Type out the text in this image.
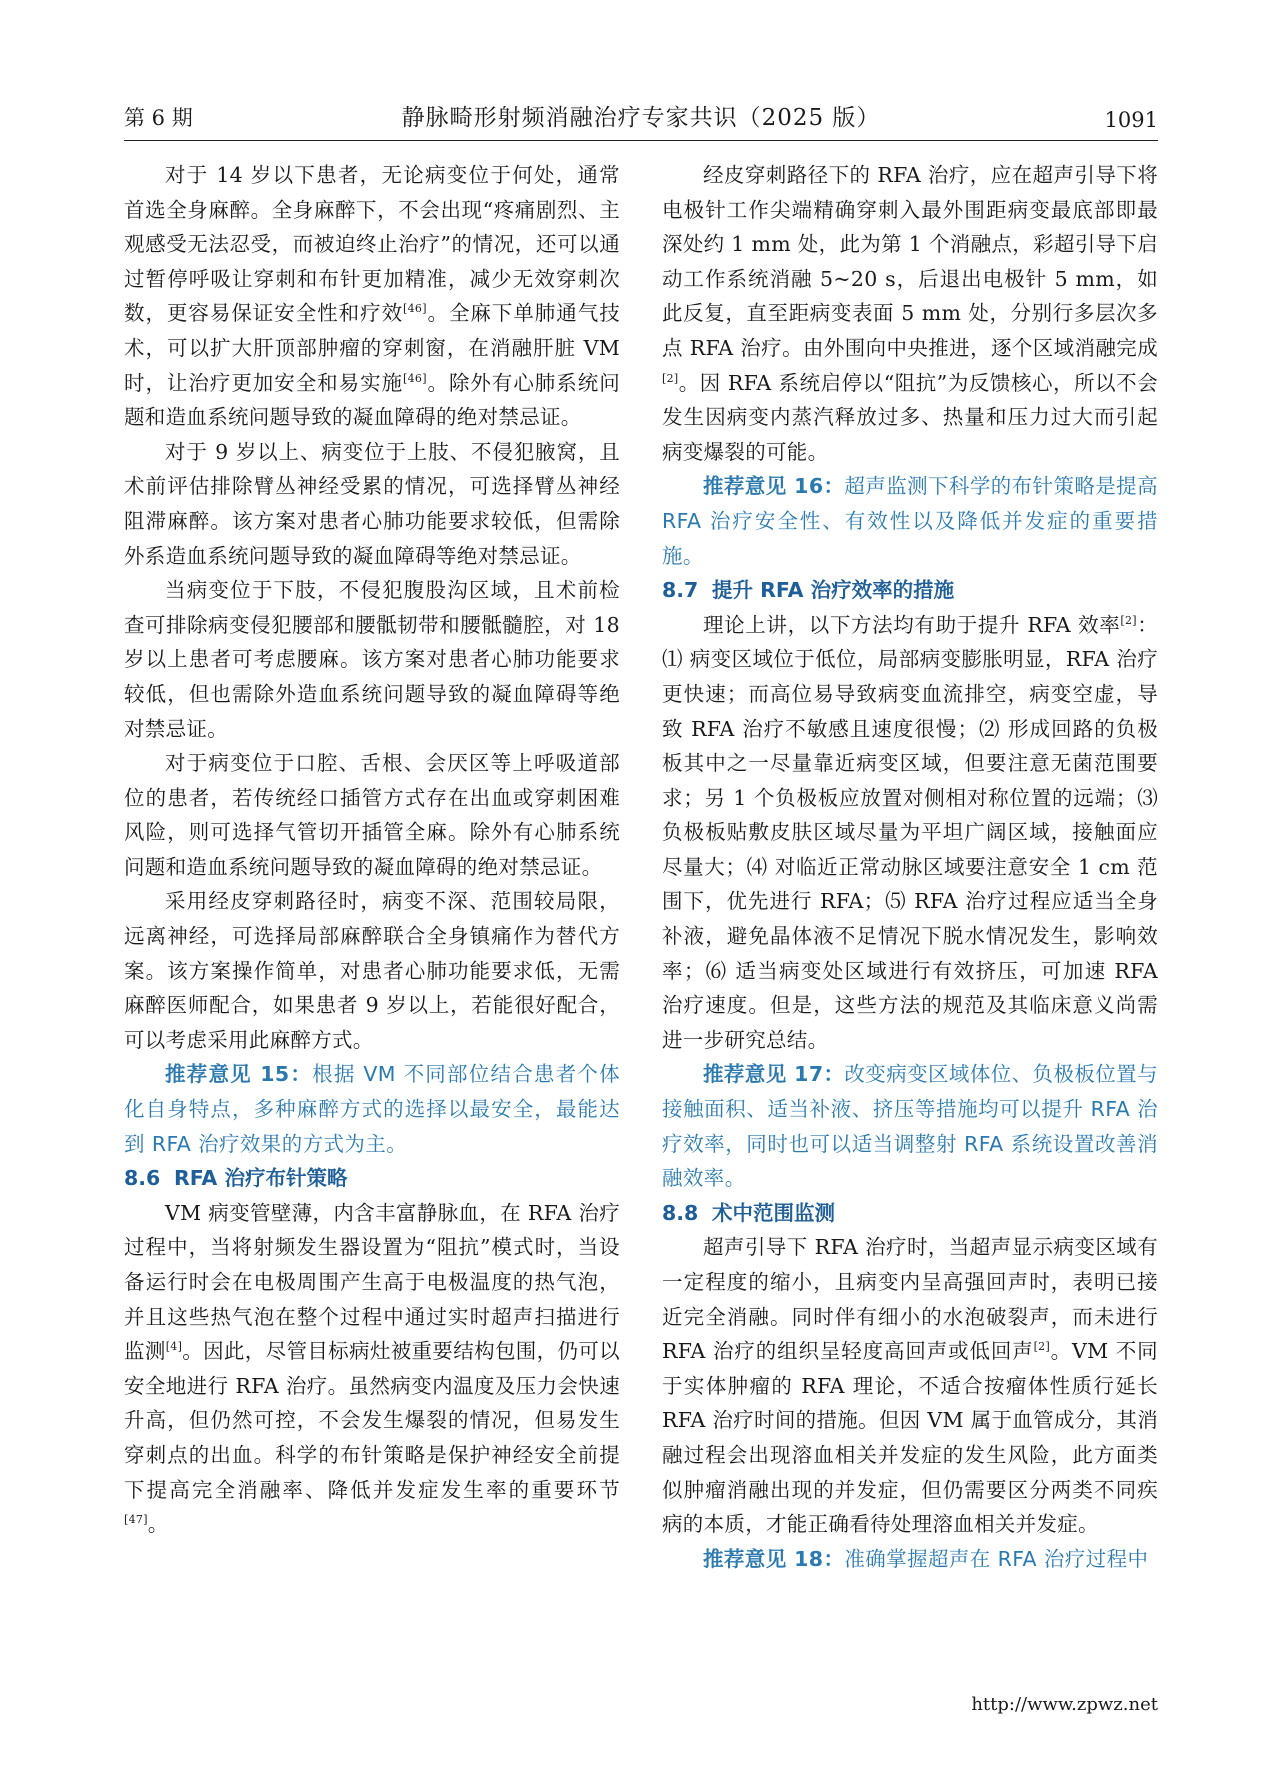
第 6 期	静脉畸形射频消融治疗专家共识（2025 版）	1091

对于 14 岁以下患者，无论病变位于何处，通常首选全身麻醉。全身麻醉下，不会出现“疼痛剧烈、主观感受无法忍受，而被迫终止治疗”的情况，还可以通过暂停呼吸让穿刺和布针更加精准，减少无效穿刺次数，更容易保证安全性和疗效[46]。全麻下单肺通气技术，可以扩大肝顶部肿瘤的穿刺窗，在消融肝脏 VM 时，让治疗更加安全和易实施[46]。除外有心肺系统问题和造血系统问题导致的凝血障碍的绝对禁忌证。

对于 9 岁以上、病变位于上肢、不侵犯腋窝，且术前评估排除臂丛神经受累的情况，可选择臂丛神经阻滞麻醉。该方案对患者心肺功能要求较低，但需除外系造血系统问题导致的凝血障碍等绝对禁忌证。

当病变位于下肢，不侵犯腹股沟区域，且术前检查可排除病变侵犯腰部和腰骶韧带和腰骶髓腔，对 18 岁以上患者可考虑腰麻。该方案对患者心肺功能要求较低，但也需除外造血系统问题导致的凝血障碍等绝对禁忌证。

对于病变位于口腔、舌根、会厌区等上呼吸道部位的患者，若传统经口插管方式存在出血或穿刺困难风险，则可选择气管切开插管全麻。除外有心肺系统问题和造血系统问题导致的凝血障碍的绝对禁忌证。

采用经皮穿刺路径时，病变不深、范围较局限，远离神经，可选择局部麻醉联合全身镇痛作为替代方案。该方案操作简单，对患者心肺功能要求低，无需麻醉医师配合，如果患者 9 岁以上，若能很好配合，可以考虑采用此麻醉方式。

推荐意见 15：根据 VM 不同部位结合患者个体化自身特点，多种麻醉方式的选择以最安全，最能达到 RFA 治疗效果的方式为主。

8.6 RFA 治疗布针策略

VM 病变管壁薄，内含丰富静脉血，在 RFA 治疗过程中，当将射频发生器设置为“阻抗”模式时，当设备运行时会在电极周围产生高于电极温度的热气泡，并且这些热气泡在整个过程中通过实时超声扫描进行监测[4]。因此，尽管目标病灶被重要结构包围，仍可以安全地进行 RFA 治疗。虽然病变内温度及压力会快速升高，但仍然可控，不会发生爆裂的情况，但易发生穿刺点的出血。科学的布针策略是保护神经安全前提下提高完全消融率、降低并发症发生率的重要环节[47]。

经皮穿刺路径下的 RFA 治疗，应在超声引导下将电极针工作尖端精确穿刺入最外围距病变最底部即最深处约 1 mm 处，此为第 1 个消融点，彩超引导下启动工作系统消融 5~20 s，后退出电极针 5 mm，如此反复，直至距病变表面 5 mm 处，分别行多层次多点 RFA 治疗。由外围向中央推进，逐个区域消融完成[2]。因 RFA 系统启停以“阻抗”为反馈核心，所以不会发生因病变内蒸汽释放过多、热量和压力过大而引起病变爆裂的可能。

推荐意见 16：超声监测下科学的布针策略是提高 RFA 治疗安全性、有效性以及降低并发症的重要措施。

8.7 提升 RFA 治疗效率的措施

理论上讲，以下方法均有助于提升 RFA 效率[2]：⑴ 病变区域位于低位，局部病变膨胀明显，RFA 治疗更快速；而高位易导致病变血流排空，病变空虚，导致 RFA 治疗不敏感且速度很慢；⑵ 形成回路的负极板其中之一尽量靠近病变区域，但要注意无菌范围要求；另 1 个负极板应放置对侧相对称位置的远端；⑶ 负极板贴敷皮肤区域尽量为平坦广阔区域，接触面应尽量大；⑷ 对临近正常动脉区域要注意安全 1 cm 范围下，优先进行 RFA；⑸ RFA 治疗过程应适当全身补液，避免晶体液不足情况下脱水情况发生，影响效率；⑹ 适当病变处区域进行有效挤压，可加速 RFA 治疗速度。但是，这些方法的规范及其临床意义尚需进一步研究总结。

推荐意见 17：改变病变区域体位、负极板位置与接触面积、适当补液、挤压等措施均可以提升 RFA 治疗效率，同时也可以适当调整射 RFA 系统设置改善消融效率。

8.8 术中范围监测

超声引导下 RFA 治疗时，当超声显示病变区域有一定程度的缩小，且病变内呈高强回声时，表明已接近完全消融。同时伴有细小的水泡破裂声，而未进行 RFA 治疗的组织呈轻度高回声或低回声[2]。VM 不同于实体肿瘤的 RFA 理论，不适合按瘤体性质行延长 RFA 治疗时间的措施。但因 VM 属于血管成分，其消融过程会出现溶血相关并发症的发生风险，此方面类似肿瘤消融出现的并发症，但仍需要区分两类不同疾病的本质，才能正确看待处理溶血相关并发症。

推荐意见 18：准确掌握超声在 RFA 治疗过程中

http://www.zpwz.net
